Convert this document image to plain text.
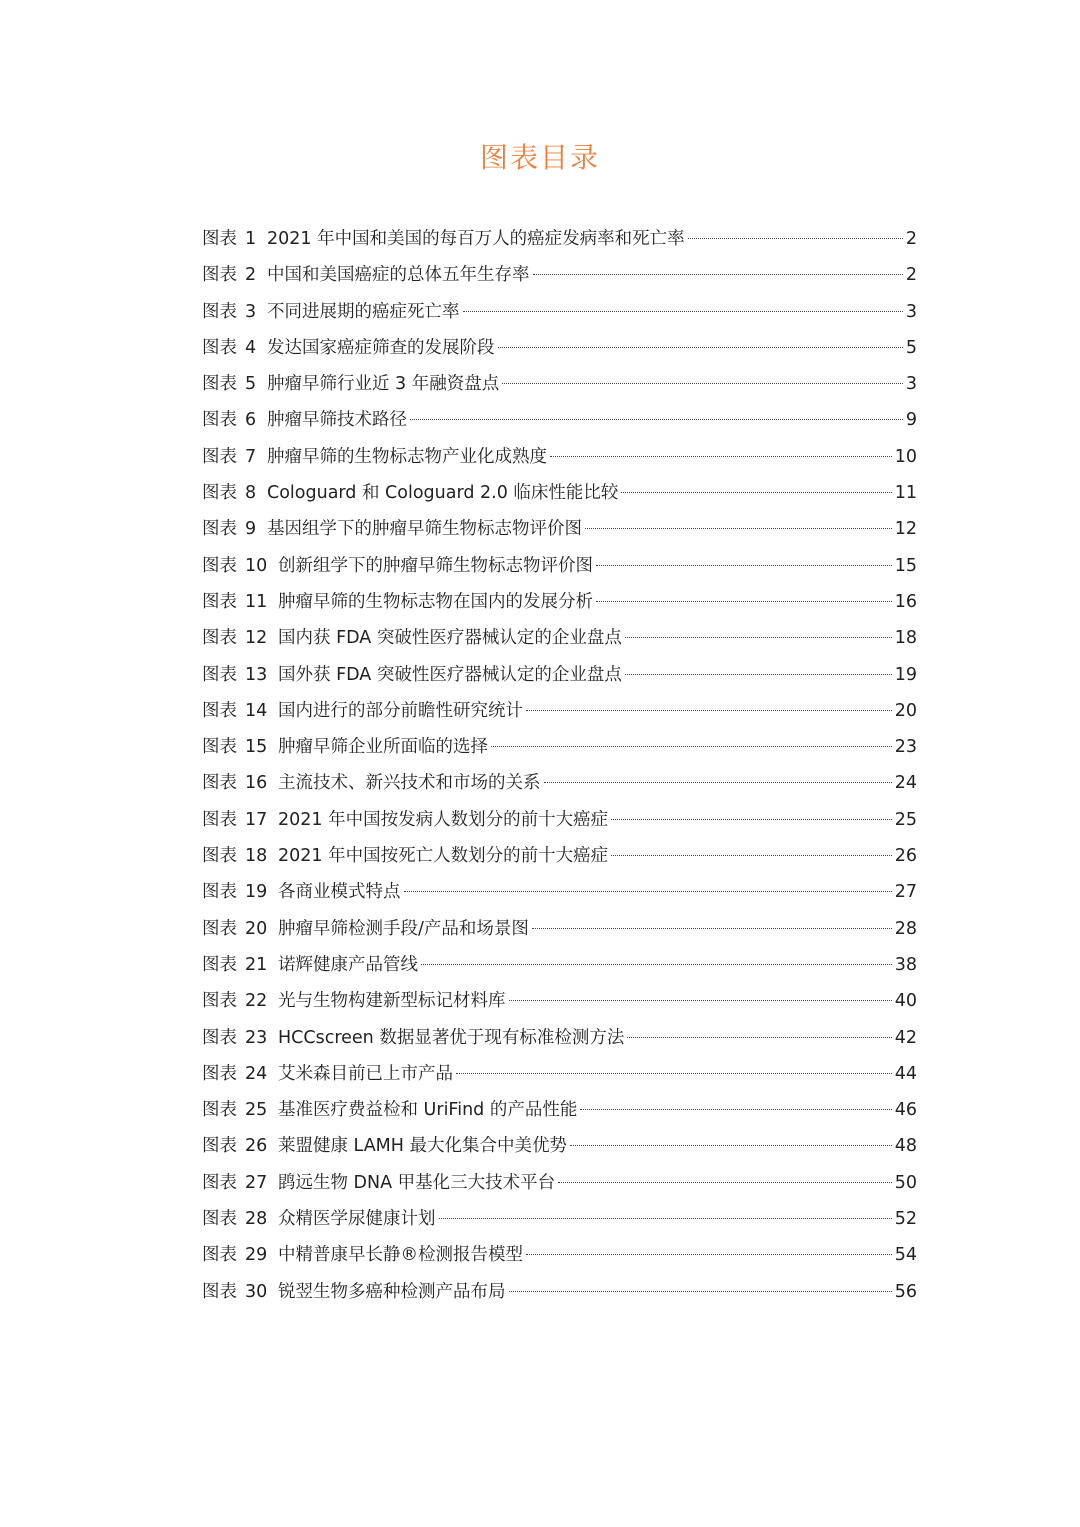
图表目录
图表 1 2021 年中国和美国的每百万人的癌症发病率和死亡率	2
图表 2 中国和美国癌症的总体五年生存率	2
图表 3 不同进展期的癌症死亡率	3
图表 4 发达国家癌症筛查的发展阶段	5
图表 5 肿瘤早筛行业近 3 年融资盘点	3
图表 6 肿瘤早筛技术路径	9
图表 7 肿瘤早筛的生物标志物产业化成熟度	10
图表 8 Cologuard 和 Cologuard 2.0 临床性能比较	11
图表 9 基因组学下的肿瘤早筛生物标志物评价图	12
图表 10 创新组学下的肿瘤早筛生物标志物评价图	15
图表 11 肿瘤早筛的生物标志物在国内的发展分析	16
图表 12 国内获 FDA 突破性医疗器械认定的企业盘点	18
图表 13 国外获 FDA 突破性医疗器械认定的企业盘点	19
图表 14 国内进行的部分前瞻性研究统计	20
图表 15 肿瘤早筛企业所面临的选择	23
图表 16 主流技术、新兴技术和市场的关系	24
图表 17 2021 年中国按发病人数划分的前十大癌症	25
图表 18 2021 年中国按死亡人数划分的前十大癌症	26
图表 19 各商业模式特点	27
图表 20 肿瘤早筛检测手段/产品和场景图	28
图表 21 诺辉健康产品管线	38
图表 22 光与生物构建新型标记材料库	40
图表 23 HCCscreen 数据显著优于现有标准检测方法	42
图表 24 艾米森目前已上市产品	44
图表 25 基准医疗费益检和 UriFind 的产品性能	46
图表 26 莱盟健康 LAMH 最大化集合中美优势	48
图表 27 鹍远生物 DNA 甲基化三大技术平台	50
图表 28 众精医学尿健康计划	52
图表 29 中精普康早长静®检测报告模型	54
图表 30 锐翌生物多癌种检测产品布局	56
